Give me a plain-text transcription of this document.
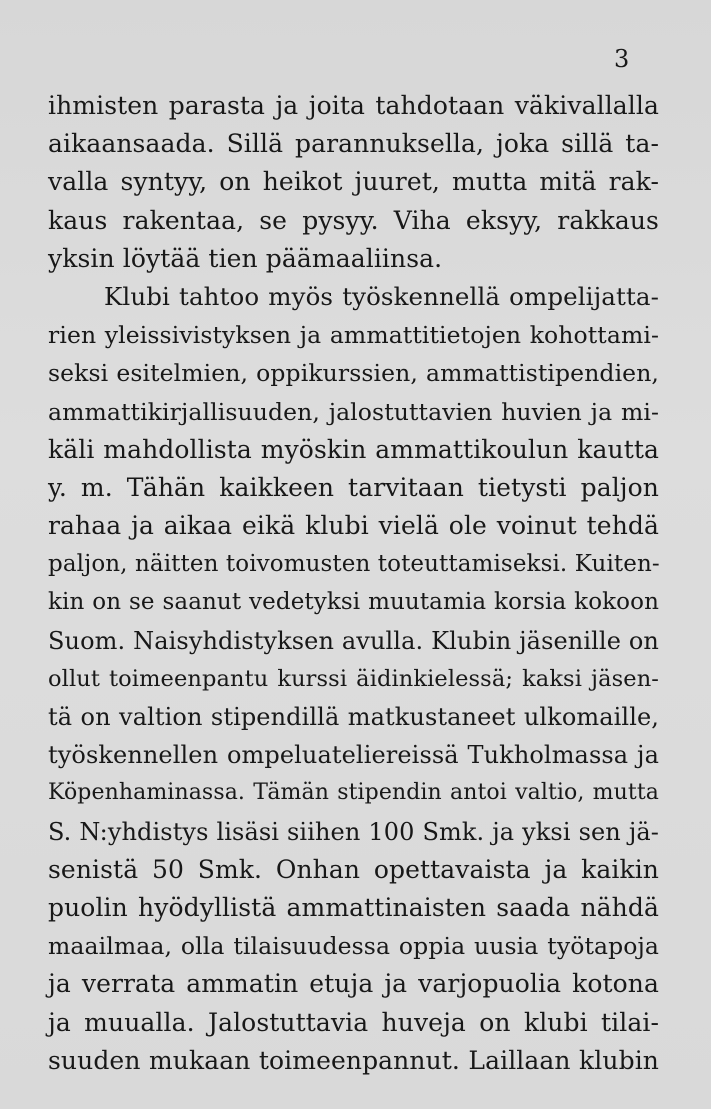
3

ihmisten parasta ja joita tahdotaan väkivallalla
aikaansaada. Sillä parannuksella, joka sillä ta-
valla syntyy, on heikot juuret, mutta mitä rak-
kaus rakentaa, se pysyy. Viha eksyy, rakkaus
yksin löytää tien päämaaliinsa.
Klubi tahtoo myös työskennellä ompelijatta-
rien yleissivistyksen ja ammattitietojen kohottami-
seksi esitelmien, oppikurssien, ammattistipendien,
ammattikirjallisuuden, jalostuttavien huvien ja mi-
käli mahdollista myöskin ammattikoulun kautta
y. m. Tähän kaikkeen tarvitaan tietysti paljon
rahaa ja aikaa eikä klubi vielä ole voinut tehdä
paljon, näitten toivomusten toteuttamiseksi. Kuiten-
kin on se saanut vedetyksi muutamia korsia kokoon
Suom. Naisyhdistyksen avulla. Klubin jäsenille on
ollut toimeenpantu kurssi äidinkielessä; kaksi jäsen-
tä on valtion stipendillä matkustaneet ulkomaille,
työskennellen ompeluateliereissä Tukholmassa ja
Köpenhaminassa. Tämän stipendin antoi valtio, mutta
S. N:yhdistys lisäsi siihen 100 Smk. ja yksi sen jä-
senistä 50 Smk. Onhan opettavaista ja kaikin
puolin hyödyllistä ammattinaisten saada nähdä
maailmaa, olla tilaisuudessa oppia uusia työtapoja
ja verrata ammatin etuja ja varjopuolia kotona
ja muualla. Jalostuttavia huveja on klubi tilai-
suuden mukaan toimeenpannut. Laillaan klubin
